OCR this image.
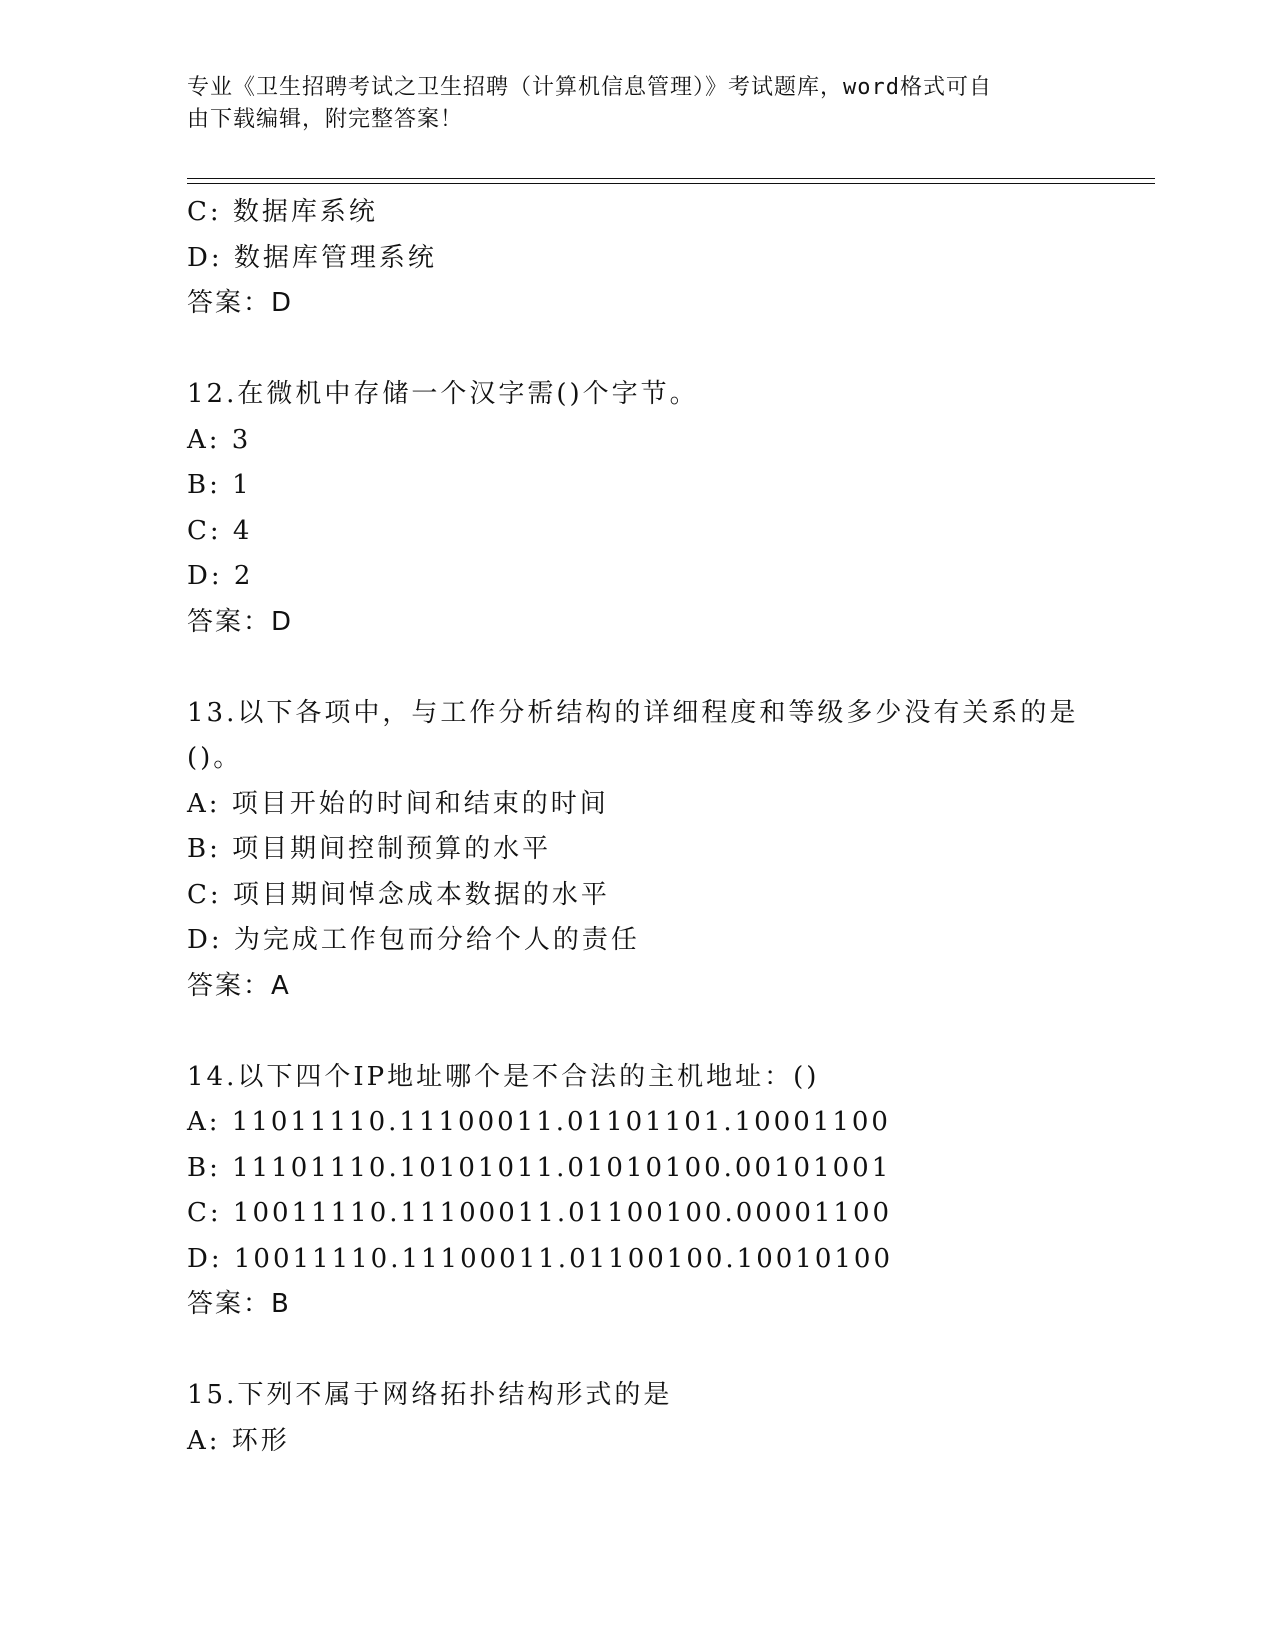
专业《卫生招聘考试之卫生招聘（计算机信息管理）》考试题库，word格式可自
由下载编辑，附完整答案！
C: 数据库系统
D: 数据库管理系统
答案：D
12.在微机中存储一个汉字需()个字节。
A: 3
B: 1
C: 4
D: 2
答案：D
13.以下各项中，与工作分析结构的详细程度和等级多少没有关系的是
()。
A: 项目开始的时间和结束的时间
B: 项目期间控制预算的水平
C: 项目期间悼念成本数据的水平
D: 为完成工作包而分给个人的责任
答案：A
14.以下四个IP地址哪个是不合法的主机地址：()
A: 11011110.11100011.01101101.10001100
B: 11101110.10101011.01010100.00101001
C: 10011110.11100011.01100100.00001100
D: 10011110.11100011.01100100.10010100
答案：B
15.下列不属于网络拓扑结构形式的是
A: 环形
